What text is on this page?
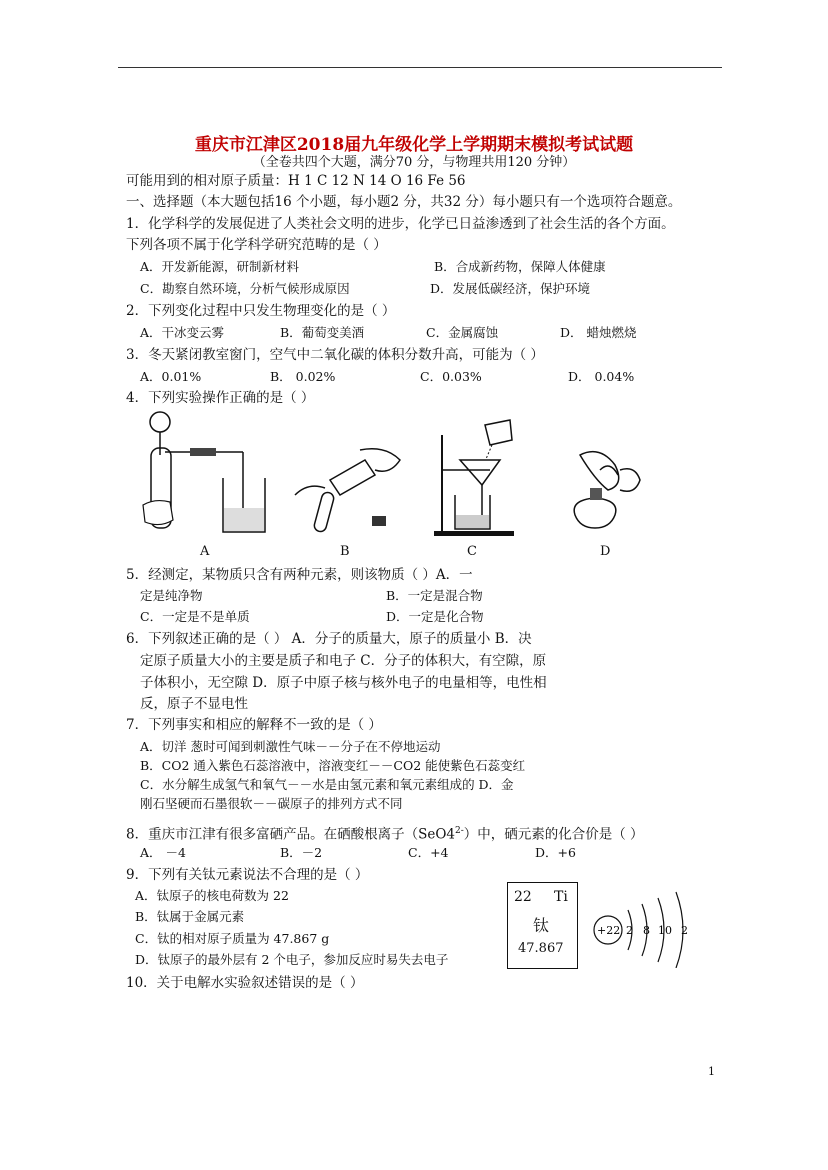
重庆市江津区2018届九年级化学上学期期末模拟考试试题
（全卷共四个大题，满分70 分，与物理共用120 分钟）
可能用到的相对原子质量：H 1 C 12 N 14 O 16 Fe 56
一、选择题（本大题包括16 个小题，每小题2 分，共32 分）每小题只有一个选项符合题意。
1．化学科学的发展促进了人类社会文明的进步，化学已日益渗透到了社会生活的各个方面。
下列各项不属于化学科学研究范畴的是（ ）
A．开发新能源，研制新材料	B．合成新药物，保障人体健康
C．勘察自然环境，分析气候形成原因	D．发展低碳经济，保护环境
2．下列变化过程中只发生物理变化的是（ ）
A．干冰变云雾	B．葡萄变美酒	C．金属腐蚀	D． 蜡烛燃烧
3．冬天紧闭教室窗门，空气中二氧化碳的体积分数升高，可能为（ ）
A．0.01%	B． 0.02%	C．0.03%	D． 0.04%
4．下列实验操作正确的是（ ）
A	B	C	D
5．经测定，某物质只含有两种元素，则该物质（ ）A．一
定是纯净物	B．一定是混合物
C．一定是不是单质	D．一定是化合物
6．下列叙述正确的是（ ） A．分子的质量大，原子的质量小 B．决
定原子质量大小的主要是质子和电子 C．分子的体积大，有空隙，原
子体积小，无空隙 D．原子中原子核与核外电子的电量相等，电性相
反，原子不显电性
7．下列事实和相应的解释不一致的是（ ）
A．切洋 葱时可闻到刺激性气味－－分子在不停地运动
B．CO2 通入紫色石蕊溶液中，溶液变红－－CO2 能使紫色石蕊变红
C．水分解生成氢气和氧气－－水是由氢元素和氧元素组成的 D．金
刚石坚硬而石墨很软－－碳原子的排列方式不同
8．重庆市江津有很多富硒产品。在硒酸根离子$(SeO4^{2-})$中，硒元素的化合价是（ ）
A． －4	B．－2	C．+4	D．+6
9．下列有关钛元素说法不合理的是（ ）
A．钛原子的核电荷数为 22
B．钛属于金属元素
C．钛的相对原子质量为 47.867 g
D．钛原子的最外层有 2 个电子，参加反应时易失去电子
22 Ti
钛
47.867
+22 2 8 10 2
10．关于电解水实验叙述错误的是（ ）
1
